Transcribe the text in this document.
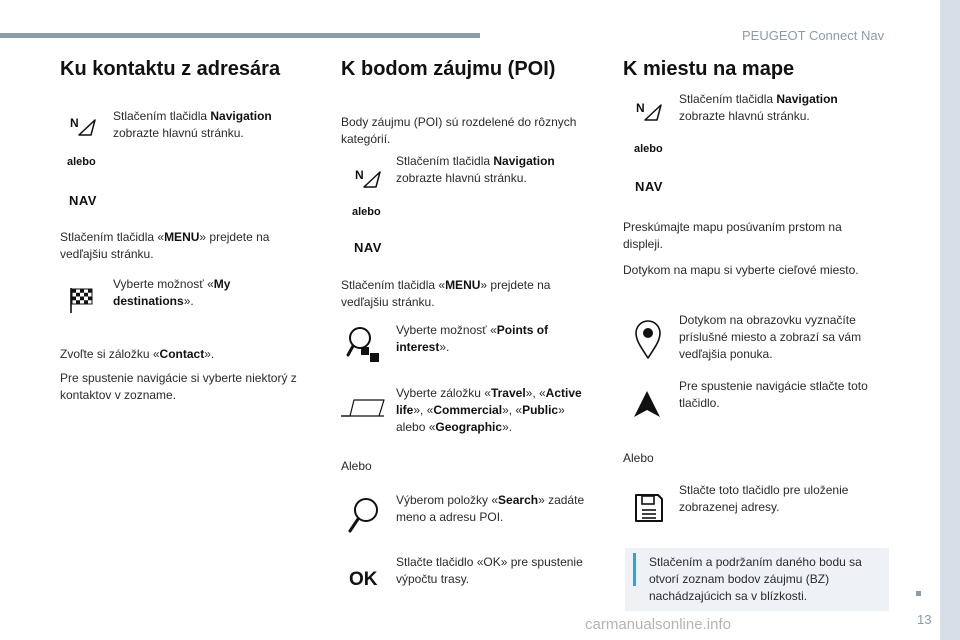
PEUGEOT Connect Nav
13
carmanualsonline.info
Ku kontaktu z adresára
N	Stlačením tlačidla Navigation zobrazte hlavnú stránku.
alebo
NAV
Stlačením tlačidla «MENU» prejdete na vedľajšiu stránku.
Vyberte možnosť «My destinations».
Zvoľte si záložku «Contact».
Pre spustenie navigácie si vyberte niektorý z kontaktov v zozname.
K bodom záujmu (POI)
Body záujmu (POI) sú rozdelené do rôznych kategórií.
N
Stlačením tlačidla Navigation zobrazte hlavnú stránku.
alebo
NAV
Stlačením tlačidla «MENU» prejdete na vedľajšiu stránku.
Vyberte možnosť «Points of interest».
Vyberte záložku «Travel», «Active life», «Commercial», «Public» alebo «Geographic».
Alebo
Výberom položky «Search» zadáte meno a adresu POI.
OK
Stlačte tlačidlo «OK» pre spustenie výpočtu trasy.
K miestu na mape
N
Stlačením tlačidla Navigation zobrazte hlavnú stránku.
alebo
NAV
Preskúmajte mapu posúvaním prstom na displeji.
Dotykom na mapu si vyberte cieľové miesto.
Dotykom na obrazovku vyznačíte príslušné miesto a zobrazí sa vám vedľajšia ponuka.
Pre spustenie navigácie stlačte toto tlačidlo.
Alebo
Stlačte toto tlačidlo pre uloženie zobrazenej adresy.
Stlačením a podržaním daného bodu sa otvorí zoznam bodov záujmu (BZ) nachádzajúcich sa v blízkosti.
